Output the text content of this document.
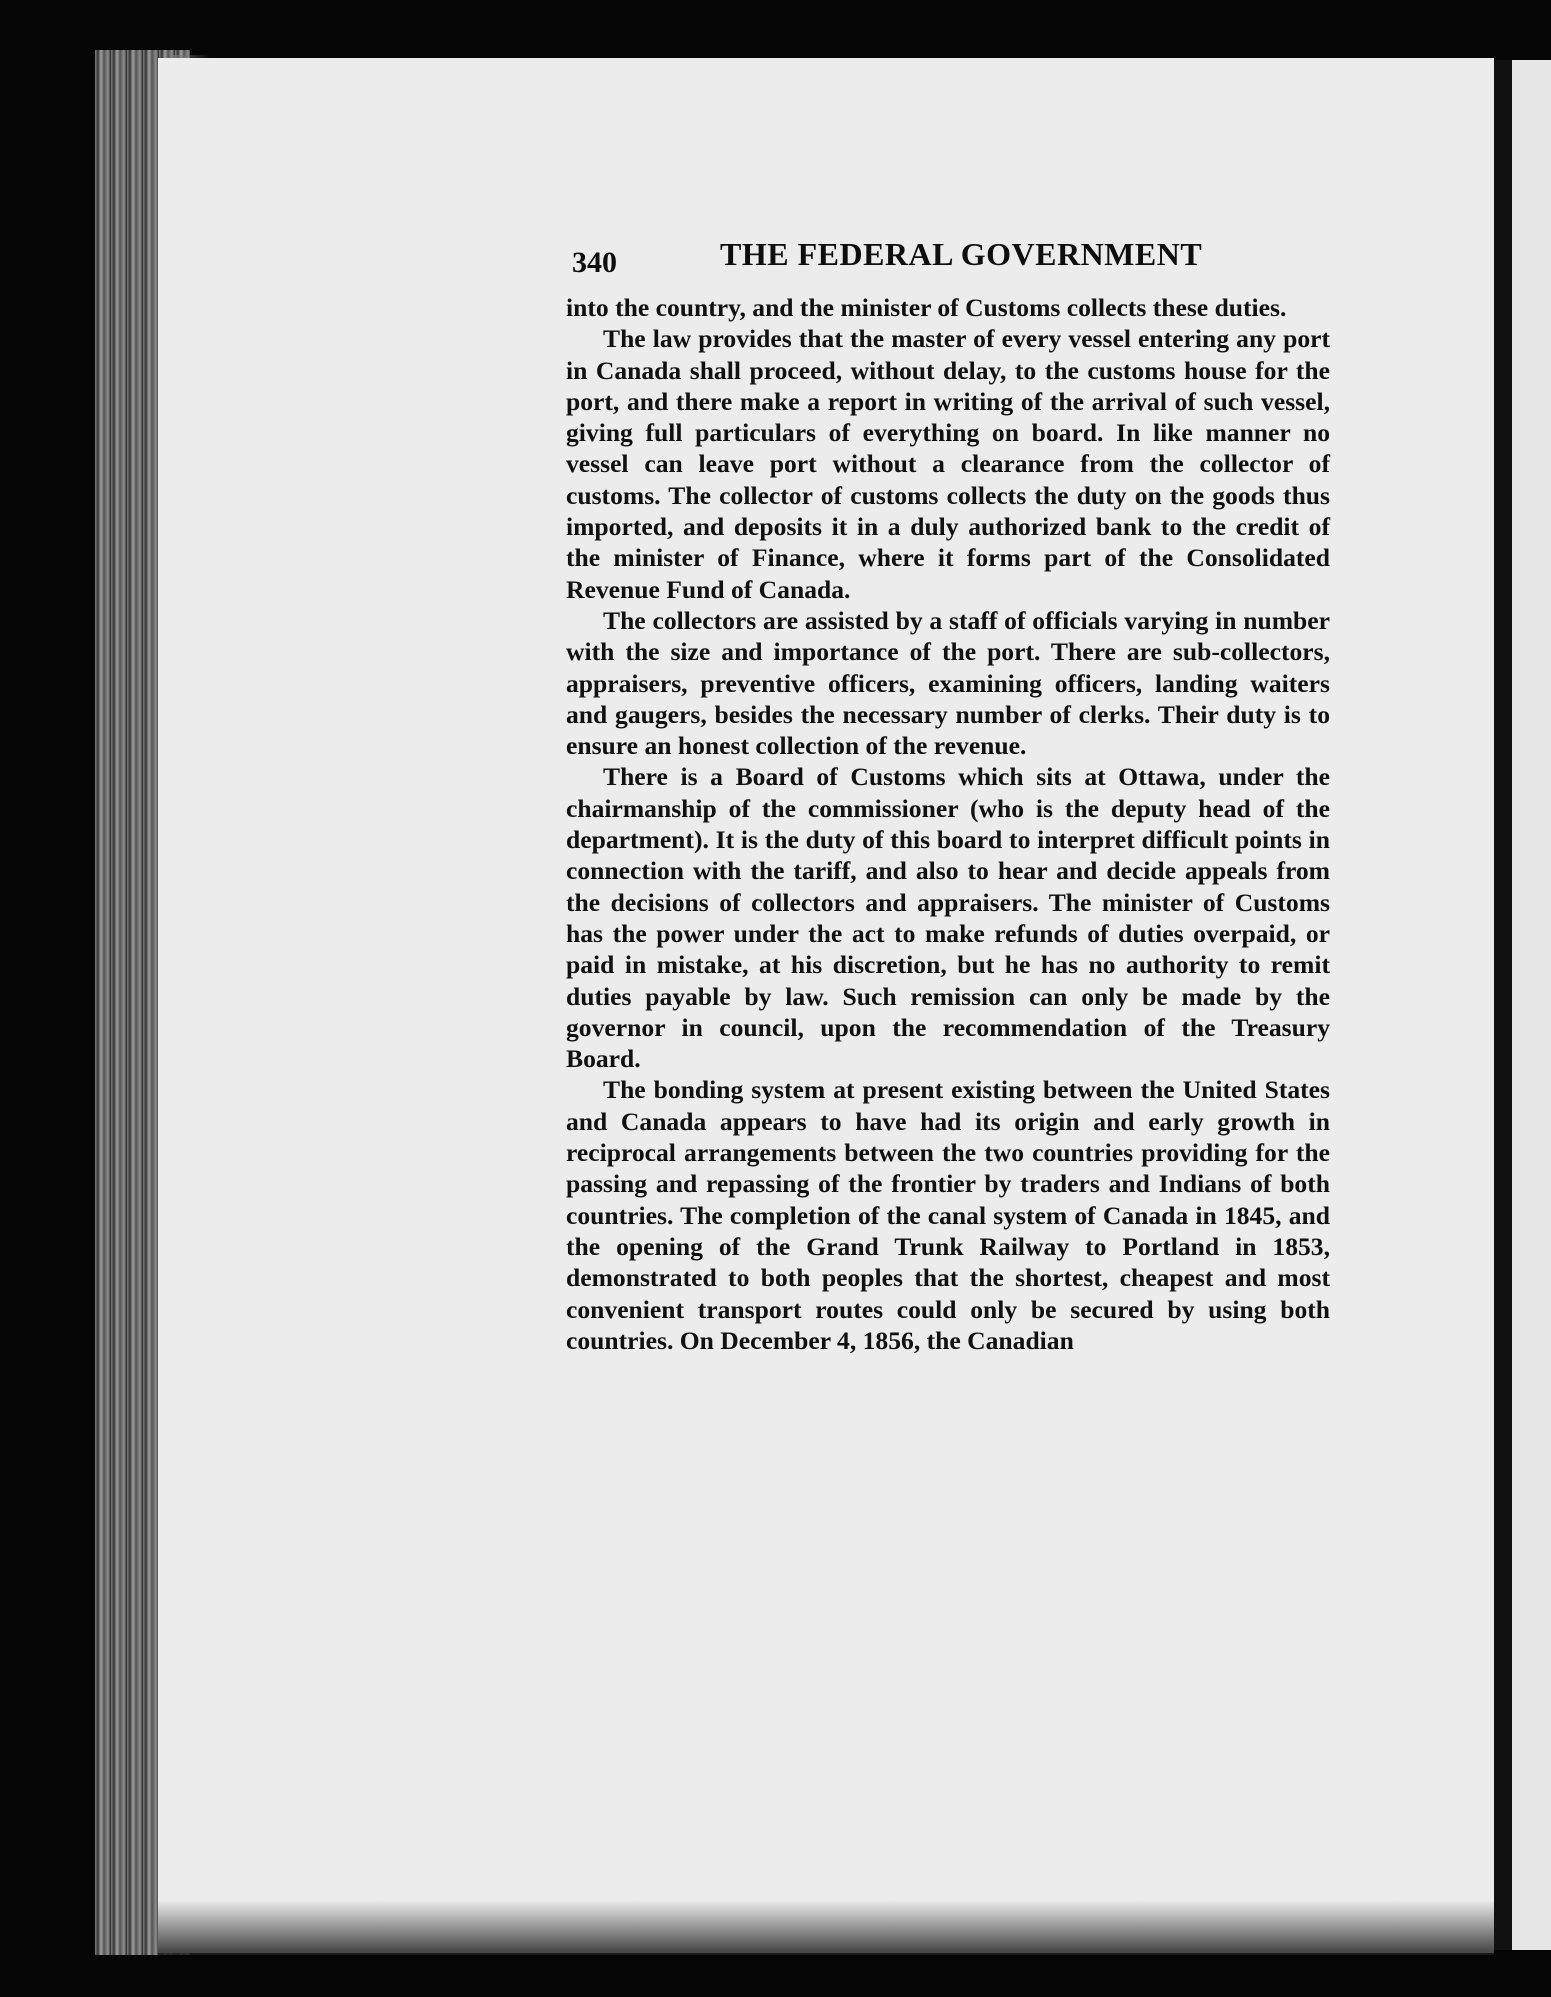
340	THE FEDERAL GOVERNMENT

into the country, and the minister of Customs collects these duties.

The law provides that the master of every vessel entering any port in Canada shall proceed, without delay, to the customs house for the port, and there make a report in writing of the arrival of such vessel, giving full particulars of everything on board. In like manner no vessel can leave port without a clearance from the collector of customs. The collector of customs collects the duty on the goods thus imported, and deposits it in a duly authorized bank to the credit of the minister of Finance, where it forms part of the Consolidated Revenue Fund of Canada.

The collectors are assisted by a staff of officials varying in number with the size and importance of the port. There are sub-collectors, appraisers, preventive officers, examining officers, landing waiters and gaugers, besides the necessary number of clerks. Their duty is to ensure an honest collection of the revenue.

There is a Board of Customs which sits at Ottawa, under the chairmanship of the commissioner (who is the deputy head of the department). It is the duty of this board to interpret difficult points in connection with the tariff, and also to hear and decide appeals from the decisions of collectors and appraisers. The minister of Customs has the power under the act to make refunds of duties overpaid, or paid in mistake, at his discretion, but he has no authority to remit duties payable by law. Such remission can only be made by the governor in council, upon the recommendation of the Treasury Board.

The bonding system at present existing between the United States and Canada appears to have had its origin and early growth in reciprocal arrangements between the two countries providing for the passing and repassing of the frontier by traders and Indians of both countries. The completion of the canal system of Canada in 1845, and the opening of the Grand Trunk Railway to Portland in 1853, demonstrated to both peoples that the shortest, cheapest and most convenient transport routes could only be secured by using both countries. On December 4, 1856, the Canadian
